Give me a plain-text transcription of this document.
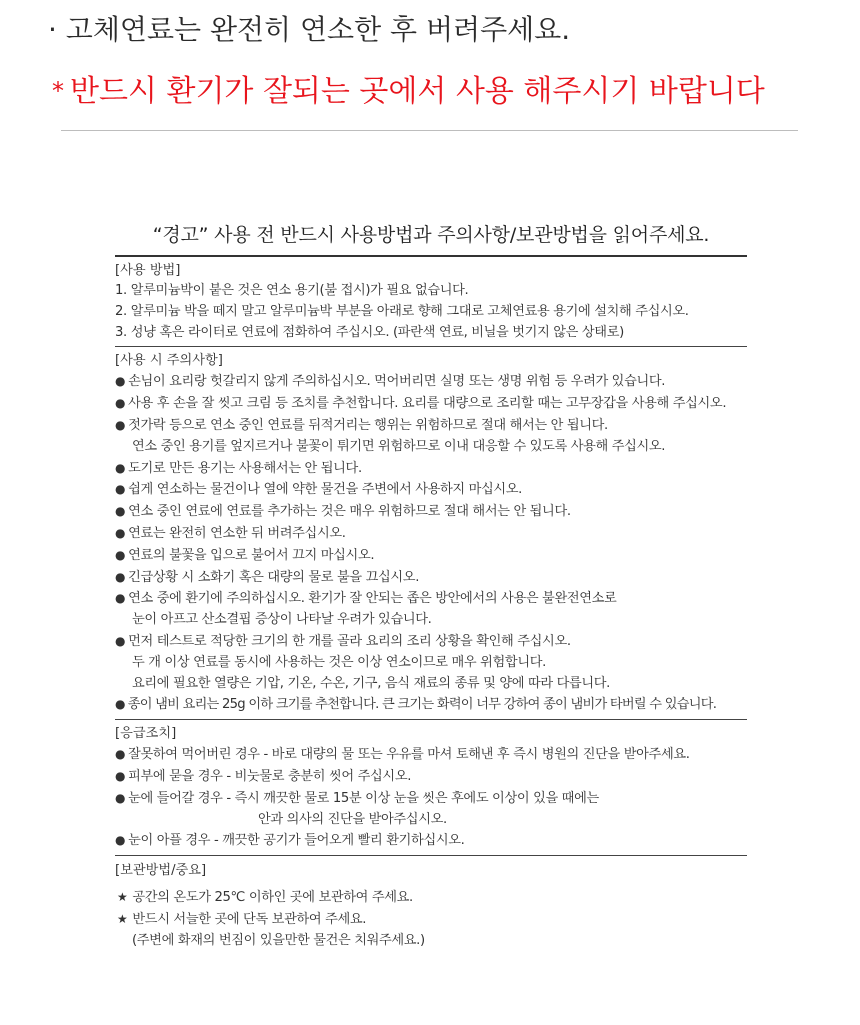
· 고체연료는 완전히 연소한 후 버려주세요.
* 반드시 환기가 잘되는 곳에서 사용 해주시기 바랍니다
“경고” 사용 전 반드시 사용방법과 주의사항/보관방법을 읽어주세요.
[사용 방법]
1. 알루미늄박이 붙은 것은 연소 용기(불 접시)가 필요 없습니다.
2. 알루미늄 박을 떼지 말고 알루미늄박 부분을 아래로 향해 그대로 고체연료용 용기에 설치해 주십시오.
3. 성냥 혹은 라이터로 연료에 점화하여 주십시오. (파란색 연료, 비닐을 벗기지 않은 상태로)
[사용 시 주의사항]
● 손님이 요리랑 헛갈리지 않게 주의하십시오. 먹어버리면 실명 또는 생명 위험 등 우려가 있습니다.
● 사용 후 손을 잘 씻고 크림 등 조치를 추천합니다. 요리를 대량으로 조리할 때는 고무장갑을 사용해 주십시오.
● 젓가락 등으로 연소 중인 연료를 뒤적거리는 행위는 위험하므로 절대 해서는 안 됩니다.
연소 중인 용기를 엎지르거나 불꽃이 튀기면 위험하므로 이내 대응할 수 있도록 사용해 주십시오.
● 도기로 만든 용기는 사용해서는 안 됩니다.
● 쉽게 연소하는 물건이나 열에 약한 물건을 주변에서 사용하지 마십시오.
● 연소 중인 연료에 연료를 추가하는 것은 매우 위험하므로 절대 해서는 안 됩니다.
● 연료는 완전히 연소한 뒤 버려주십시오.
● 연료의 불꽃을 입으로 불어서 끄지 마십시오.
● 긴급상황 시 소화기 혹은 대량의 물로 불을 끄십시오.
● 연소 중에 환기에 주의하십시오. 환기가 잘 안되는 좁은 방안에서의 사용은 불완전연소로
눈이 아프고 산소결핍 증상이 나타날 우려가 있습니다.
● 먼저 테스트로 적당한 크기의 한 개를 골라 요리의 조리 상황을 확인해 주십시오.
두 개 이상 연료를 동시에 사용하는 것은 이상 연소이므로 매우 위험합니다.
요리에 필요한 열량은 기압, 기온, 수온, 기구, 음식 재료의 종류 및 양에 따라 다릅니다.
● 종이 냄비 요리는 25g 이하 크기를 추천합니다. 큰 크기는 화력이 너무 강하여 종이 냄비가 타버릴 수 있습니다.
[응급조치]
● 잘못하여 먹어버린 경우 - 바로 대량의 물 또는 우유를 마셔 토해낸 후 즉시 병원의 진단을 받아주세요.
● 피부에 묻을 경우 - 비눗물로 충분히 씻어 주십시오.
● 눈에 들어갈 경우 - 즉시 깨끗한 물로 15분 이상 눈을 씻은 후에도 이상이 있을 때에는
안과 의사의 진단을 받아주십시오.
● 눈이 아플 경우 - 깨끗한 공기가 들어오게 빨리 환기하십시오.
[보관방법/중요]
★ 공간의 온도가 25℃ 이하인 곳에 보관하여 주세요.
★ 반드시 서늘한 곳에 단독 보관하여 주세요.
(주변에 화재의 번짐이 있을만한 물건은 치워주세요.)
